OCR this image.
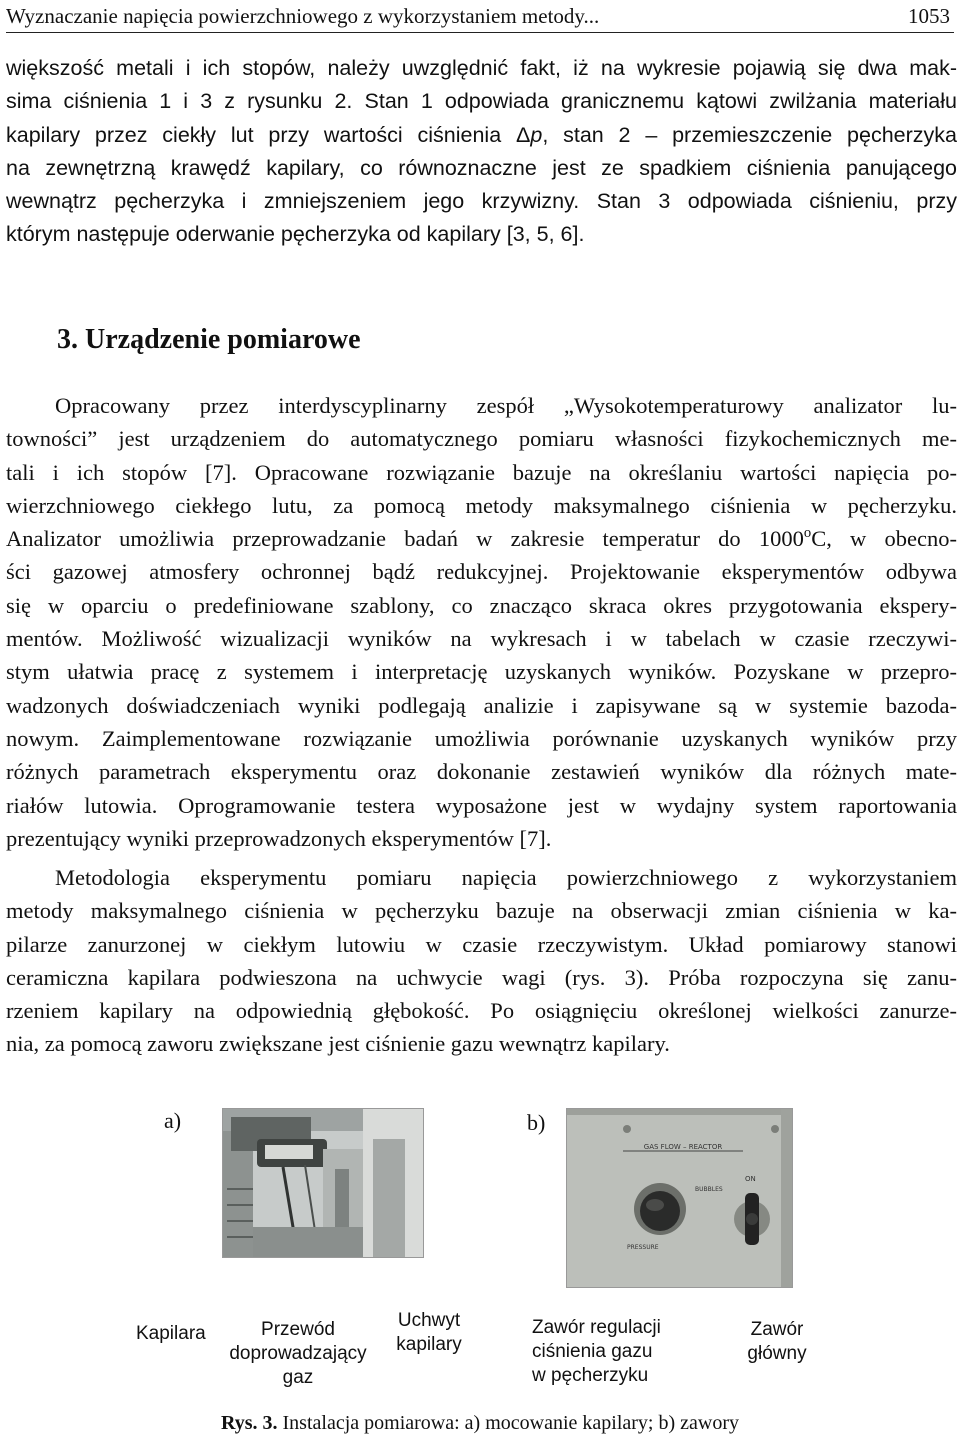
Wyznaczanie napięcia powierzchniowego z wykorzystaniem metody...	1053

większość metali i ich stopów, należy uwzględnić fakt, iż na wykresie pojawią się dwa mak-
sima ciśnienia 1 i 3 z rysunku 2. Stan 1 odpowiada granicznemu kątowi zwilżania materiału
kapilary przez ciekły lut przy wartości ciśnienia Δp, stan 2 – przemieszczenie pęcherzyka
na zewnętrzną krawędź kapilary, co równoznaczne jest ze spadkiem ciśnienia panującego
wewnątrz pęcherzyka i zmniejszeniem jego krzywizny. Stan 3 odpowiada ciśnieniu, przy
którym następuje oderwanie pęcherzyka od kapilary [3, 5, 6].

3. Urządzenie pomiarowe

Opracowany przez interdyscyplinarny zespół „Wysokotemperaturowy analizator lu-
towności” jest urządzeniem do automatycznego pomiaru własności fizykochemicznych me-
tali i ich stopów [7]. Opracowane rozwiązanie bazuje na określaniu wartości napięcia po-
wierzchniowego ciekłego lutu, za pomocą metody maksymalnego ciśnienia w pęcherzyku.
Analizator umożliwia przeprowadzanie badań w zakresie temperatur do 1000$^o$C, w obecno-
ści gazowej atmosfery ochronnej bądź redukcyjnej. Projektowanie eksperymentów odbywa
się w oparciu o predefiniowane szablony, co znacząco skraca okres przygotowania ekspery-
mentów. Możliwość wizualizacji wyników na wykresach i w tabelach w czasie rzeczywi-
stym ułatwia pracę z systemem i interpretację uzyskanych wyników. Pozyskane w przepro-
wadzonych doświadczeniach wyniki podlegają analizie i zapisywane są w systemie bazoda-
nowym. Zaimplementowane rozwiązanie umożliwia porównanie uzyskanych wyników przy
różnych parametrach eksperymentu oraz dokonanie zestawień wyników dla różnych mate-
riałów lutowia. Oprogramowanie testera wyposażone jest w wydajny system raportowania
prezentujący wyniki przeprowadzonych eksperymentów [7].

Metodologia eksperymentu pomiaru napięcia powierzchniowego z wykorzystaniem
metody maksymalnego ciśnienia w pęcherzyku bazuje na obserwacji zmian ciśnienia w ka-
pilarze zanurzonej w ciekłym lutowiu w czasie rzeczywistym. Układ pomiarowy stanowi
ceramiczna kapilara podwieszona na uchwycie wagi (rys. 3). Próba rozpoczyna się zanu-
rzeniem kapilary na odpowiednią głębokość. Po osiągnięciu określonej wielkości zanurze-
nia, za pomocą zaworu zwiększane jest ciśnienie gazu wewnątrz kapilary.

a)	b)
GAS FLOW – REACTOR
BUBBLES
PRESSURE
ON

Kapilara	Przewód
doprowadzający
gaz

Uchwyt
kapilary

Zawór regulacji
ciśnienia gazu
w pęcherzyku

Zawór
główny

Rys. 3. Instalacja pomiarowa: a) mocowanie kapilary; b) zawory
